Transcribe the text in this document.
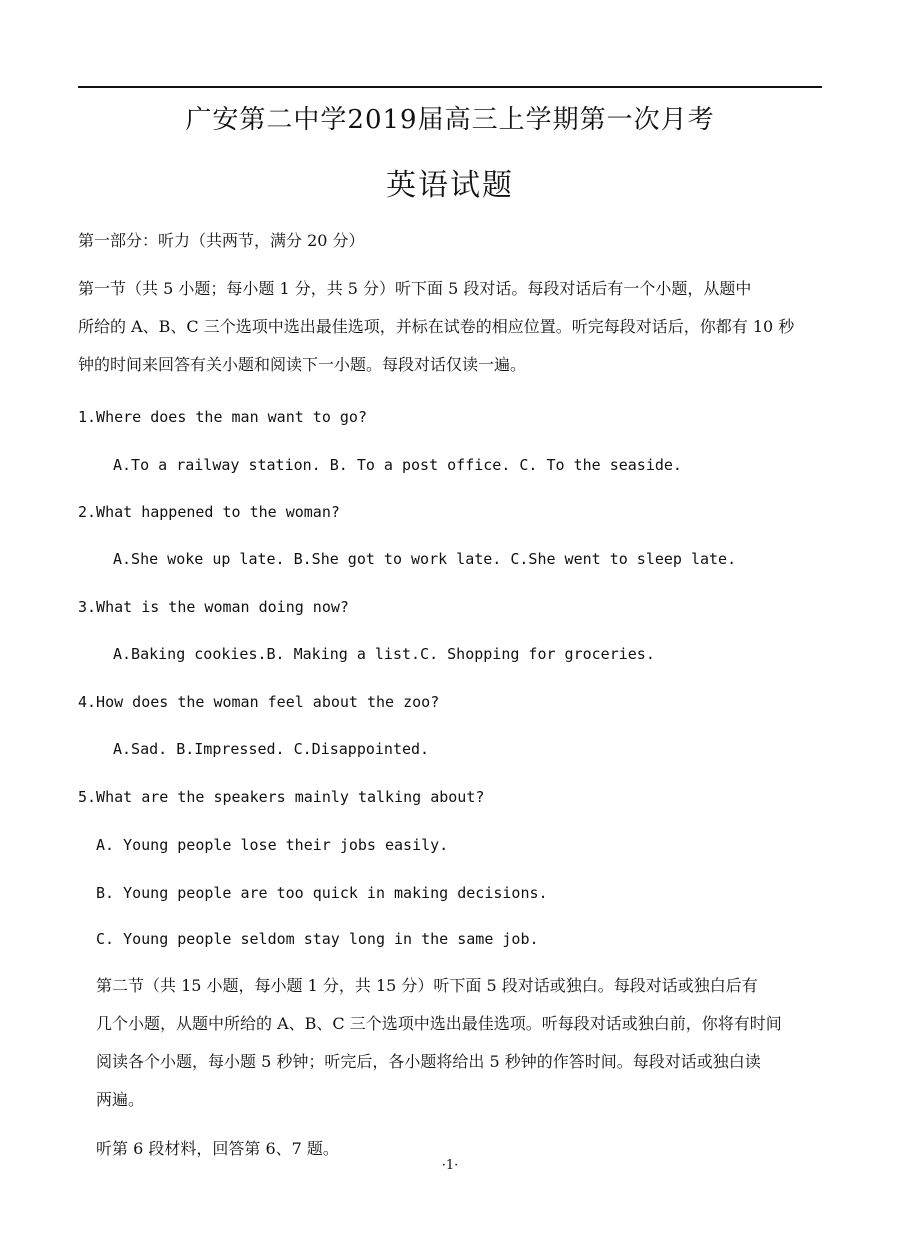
广安第二中学2019届高三上学期第一次月考
英语试题
第一部分：听力（共两节，满分 20 分）
第一节（共 5 小题；每小题 1 分，共 5 分）听下面 5 段对话。每段对话后有一个小题，从题中
所给的 A、B、C 三个选项中选出最佳选项，并标在试卷的相应位置。听完每段对话后，你都有 10 秒
钟的时间来回答有关小题和阅读下一小题。每段对话仅读一遍。
1.Where does the man want to go?
A.To a railway station. B. To a post office. C. To the seaside.
2.What happened to the woman?
A.She woke up late. B.She got to work late. C.She went to sleep late.
3.What is the woman doing now?
A.Baking cookies.B. Making a list.C. Shopping for groceries.
4.How does the woman feel about the zoo?
A.Sad. B.Impressed. C.Disappointed.
5.What are the speakers mainly talking about?
A. Young people lose their jobs easily.
B. Young people are too quick in making decisions.
C. Young people seldom stay long in the same job.
第二节（共 15 小题，每小题 1 分，共 15 分）听下面 5 段对话或独白。每段对话或独白后有
几个小题，从题中所给的 A、B、C 三个选项中选出最佳选项。听每段对话或独白前，你将有时间
阅读各个小题，每小题 5 秒钟；听完后，各小题将给出 5 秒钟的作答时间。每段对话或独白读
两遍。
听第 6 段材料，回答第 6、7 题。
·1·
